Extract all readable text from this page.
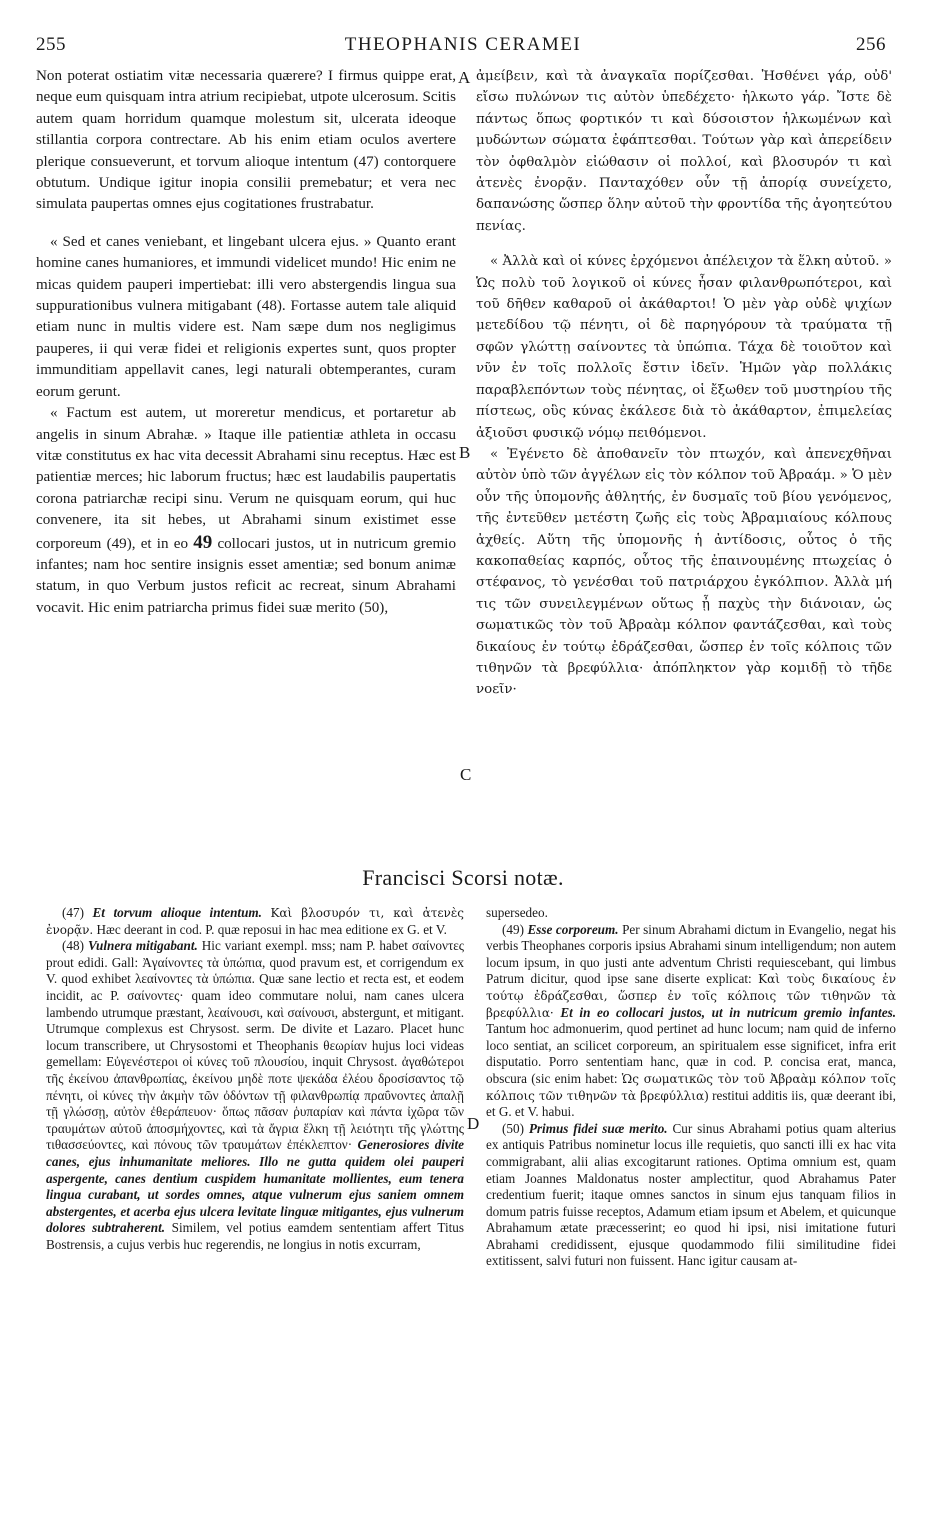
THEOPHANIS CERAMEI
255	256

Non poterat ostiatim vitæ necessaria quærere? I firmus quippe erat, neque eum quisquam intra atrium recipiebat, utpote ulcerosum. Scitis autem quam horridum quamque molestum sit, ulcerata ideoque stillantia corpora contrectare. Ab his enim etiam oculos avertere plerique consueverunt, et torvum alioque intentum (47) contorquere obtutum. Undique igitur inopia consilii premebatur; et vera nec simulata paupertas omnes ejus cogitationes frustrabatur.

« Sed et canes veniebant, et lingebant ulcera ejus. » Quanto erant homine canes humaniores, et immundi videlicet mundo! Hic enim ne micas quidem pauperi impertiebat: illi vero abstergendis lingua sua suppurationibus vulnera mitigabant (48). Fortasse autem tale aliquid etiam nunc in multis videre est. Nam sæpe dum nos negligimus pauperes, ii qui veræ fidei et religionis expertes sunt, quos propter immunditiam appellavit canes, legi naturali obtemperantes, curam eorum gerunt.

« Factum est autem, ut moreretur mendicus, et portaretur ab angelis in sinum Abrahæ. » Itaque ille patientiæ athleta in occasu vitæ constitutus ex hac vita decessit Abrahami sinu receptus. Hæc est patientiæ merces; hic laborum fructus; hæc est laudabilis paupertatis corona patriarchæ recipi sinu. Verum ne quisquam eorum, qui huc convenere, ita sit hebes, ut Abrahami sinum existimet esse corporeum (49), et in eo 49 collocari justos, ut in nutricum gremio infantes; nam hoc sentire insignis esset amentiæ; sed bonum animæ statum, in quo Verbum justos reficit ac recreat, sinum Abrahami vocavit. Hic enim patriarcha primus fidei suæ merito (50),

A
B
C
D

ἀμείβειν, καὶ τὰ ἀναγκαῖα πορίζεσθαι. Ἠσθένει γάρ, οὐδ' εἴσω πυλώνων τις αὐτὸν ὑπεδέχετο· ἡλκωτο γάρ. Ἴστε δὲ πάντως ὅπως φορτικόν τι καὶ δύσοιστον ἡλκωμένων καὶ μυδώντων σώματα ἐφάπτεσθαι. Τούτων γὰρ καὶ ἀπερείδειν τὸν ὀφθαλμὸν εἰώθασιν οἱ πολλοί, καὶ βλοσυρόν τι καὶ ἀτενὲς ἐνορᾷν. Πανταχόθεν οὖν τῇ ἀπορίᾳ συνείχετο, δαπανώσης ὥσπερ ὅλην αὐτοῦ τὴν φροντίδα τῆς ἀγοητεύτου πενίας.

« Ἀλλὰ καὶ οἱ κύνες ἐρχόμενοι ἀπέλειχον τὰ ἕλκη αὐτοῦ. » Ὡς πολὺ τοῦ λογικοῦ οἱ κύνες ἦσαν φιλανθρωπότεροι, καὶ τοῦ δῆθεν καθαροῦ οἱ ἀκάθαρτοι! Ὁ μὲν γὰρ οὐδὲ ψιχίων μετεδίδου τῷ πένητι, οἱ δὲ παρηγόρουν τὰ τραύματα τῇ σφῶν γλώττῃ σαίνοντες τὰ ὑπώπια. Τάχα δὲ τοιοῦτον καὶ νῦν ἐν τοῖς πολλοῖς ἔστιν ἰδεῖν. Ἡμῶν γὰρ πολλάκις παραβλεπόντων τοὺς πένητας, οἱ ἔξωθεν τοῦ μυστηρίου τῆς πίστεως, οὓς κύνας ἐκάλεσε διὰ τὸ ἀκάθαρτον, ἐπιμελείας ἀξιοῦσι φυσικῷ νόμῳ πειθόμενοι.

« Ἐγένετο δὲ ἀποθανεῖν τὸν πτωχόν, καὶ ἀπενεχθῆναι αὐτὸν ὑπὸ τῶν ἀγγέλων εἰς τὸν κόλπον τοῦ Ἀβραάμ. » Ὁ μὲν οὖν τῆς ὑπομονῆς ἀθλητής, ἐν δυσμαῖς τοῦ βίου γενόμενος, τῆς ἐντεῦθεν μετέστη ζωῆς εἰς τοὺς Ἀβραμιαίους κόλπους ἀχθείς. Αὕτη τῆς ὑπομονῆς ἡ ἀντίδοσις, οὗτος ὁ τῆς κακοπαθείας καρπός, οὗτος τῆς ἐπαινουμένης πτωχείας ὁ στέφανος, τὸ γενέσθαι τοῦ πατριάρχου ἐγκόλπιον. Ἀλλὰ μή τις τῶν συνειλεγμένων οὕτως ᾖ παχὺς τὴν διάνοιαν, ὡς σωματικῶς τὸν τοῦ Ἀβραὰμ κόλπον φαντάζεσθαι, καὶ τοὺς δικαίους ἐν τούτῳ ἐδράζεσθαι, ὥσπερ ἐν τοῖς κόλποις τῶν τιθηνῶν τὰ βρεφύλλια· ἀπόπληκτον γὰρ κομιδῇ τὸ τῆδε νοεῖν·

Francisci Scorsi notæ.

(47) Et torvum alioque intentum. Καὶ βλοσυρόν τι, καὶ ἀτενὲς ἐνορᾷν. Hæc deerant in cod. P. quæ reposui in hac mea editione ex G. et V.

(48) Vulnera mitigabant. Hic variant exempl. mss; nam P. habet σαίνοντες prout edidi. Gall: Ἀγαίνοντες τὰ ὑπώπια, quod pravum est, et corrigendum ex V. quod exhibet λεαίνοντες τὰ ὑπώπια. Quæ sane lectio et recta est, et eodem incidit, ac P. σαίνοντες· quam ideo commutare nolui, nam canes ulcera lambendo utrumque præstant, λεαίνουσι, καὶ σαίνουσι, abstergunt, et mitigant. Utrumque complexus est Chrysost. serm. De divite et Lazaro. Placet hunc locum transcribere, ut Chrysostomi et Theophanis θεωρίαν hujus loci videas gemellam: Εὐγενέστεροι οἱ κύνες τοῦ πλουσίου, inquit Chrysost. ἀγαθώτεροι τῆς ἐκείνου ἀπανθρωπίας, ἐκείνου μηδὲ ποτε ψεκάδα ἐλέου δροσίσαντος τῷ πένητι, οἱ κύνες τὴν ἀκμὴν τῶν ὀδόντων τῇ φιλανθρωπίᾳ πραΰνοντες ἁπαλῇ τῇ γλώσσῃ, αὐτὸν ἐθεράπευον· ὅπως πᾶσαν ῥυπαρίαν καὶ πάντα ἰχῶρα τῶν τραυμάτων αὐτοῦ ἀποσμήχοντες, καὶ τὰ ἄγρια ἕλκη τῇ λειότητι τῆς γλώττης τιθασσεύοντες, καὶ πόνους τῶν τραυμάτων ἐπέκλεπτον· Generosiores divite canes, ejus inhumanitate meliores. Illo ne gutta quidem olei pauperi aspergente, canes dentium cuspidem humanitate mollientes, eum tenera lingua curabant, ut sordes omnes, atque vulnerum ejus saniem omnem abstergentes, et acerba ejus ulcera levitate linguæ mitigantes, ejus vulnerum dolores subtraherent. Similem, vel potius eamdem sententiam affert Titus Bostrensis, a cujus verbis huc regerendis, ne longius in notis excurram,

supersedeo.

(49) Esse corporeum. Per sinum Abrahami dictum in Evangelio, negat his verbis Theophanes corporis ipsius Abrahami sinum intelligendum; non autem locum ipsum, in quo justi ante adventum Christi requiescebant, qui limbus Patrum dicitur, quod ipse sane diserte explicat: Καὶ τοὺς δικαίους ἐν τούτῳ ἐδράζεσθαι, ὥσπερ ἐν τοῖς κόλποις τῶν τιθηνῶν τὰ βρεφύλλια· Et in eo collocari justos, ut in nutricum gremio infantes. Tantum hoc admonuerim, quod pertinet ad hunc locum; nam quid de inferno loco sentiat, an scilicet corporeum, an spiritualem esse significet, infra erit disputatio. Porro sententiam hanc, quæ in cod. P. concisa erat, manca, obscura (sic enim habet: Ὡς σωματικῶς τὸν τοῦ Ἀβραὰμ κόλπον τοῖς κόλποις τῶν τιθηνῶν τὰ βρεφύλλια) restitui additis iis, quæ deerant ibi, et G. et V. habui.

(50) Primus fidei suæ merito. Cur sinus Abrahami potius quam alterius ex antiquis Patribus nominetur locus ille requietis, quo sancti illi ex hac vita commigrabant, alii alias excogitarunt rationes. Optima omnium est, quam etiam Joannes Maldonatus noster amplectitur, quod Abrahamus Pater credentium fuerit; itaque omnes sanctos in sinum ejus tanquam filios in domum patris fuisse receptos, Adamum etiam ipsum et Abelem, et quicunque Abrahamum ætate præcesserint; eo quod hi ipsi, nisi imitatione futuri Abrahami credidissent, ejusque quodammodo filii similitudine fidei extitissent, salvi futuri non fuissent. Hanc igitur causam at-
